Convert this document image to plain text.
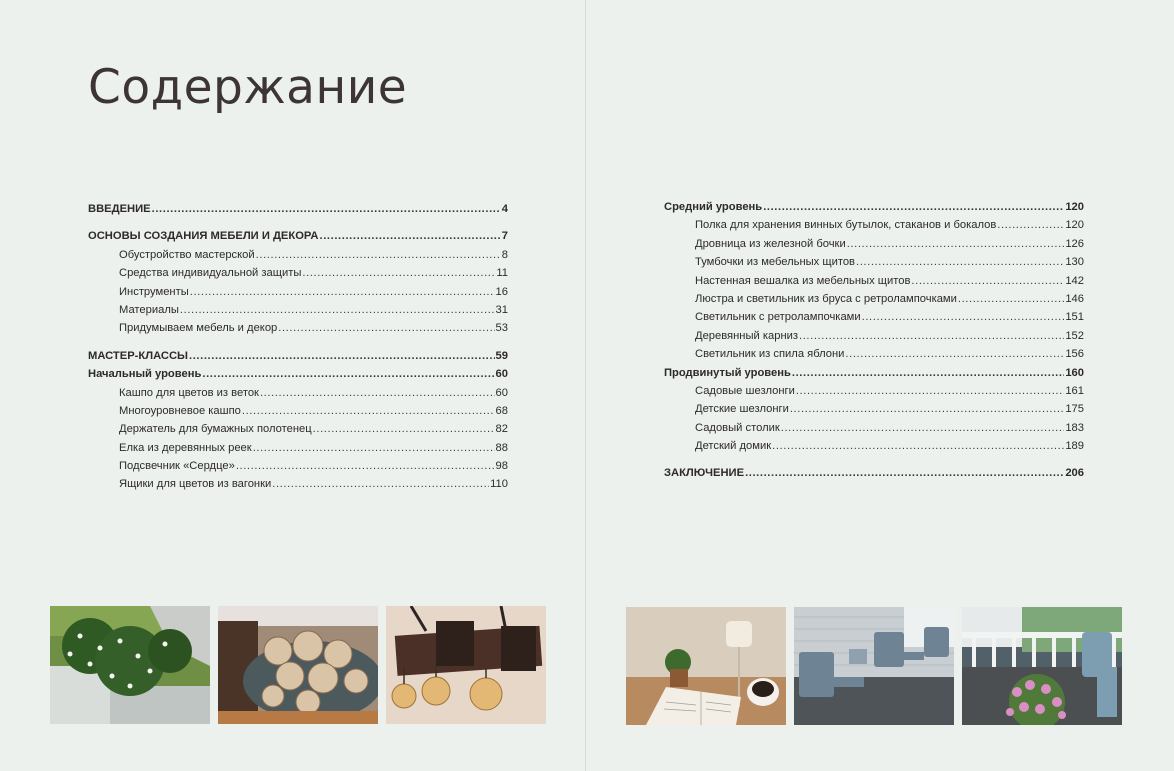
Содержание
ВВЕДЕНИЕ .....	4
ОСНОВЫ СОЗДАНИЯ МЕБЕЛИ И ДЕКОРА .....	7
Обустройство мастерской .....	8
Средства индивидуальной защиты .....	11
Инструменты .....	16
Материалы .....	31
Придумываем мебель и декор .....	53
МАСТЕР-КЛАССЫ .....	59
Начальный уровень .....	60
Кашпо для цветов из веток .....	60
Многоуровневое кашпо .....	68
Держатель для бумажных полотенец .....	82
Елка из деревянных реек .....	88
Подсвечник «Сердце» .....	98
Ящики для цветов из вагонки .....	110
Средний уровень .....	120
Полка для хранения винных бутылок, стаканов и бокалов .....	120
Дровница из железной бочки .....	126
Тумбочки из мебельных щитов .....	130
Настенная вешалка из мебельных щитов .....	142
Люстра и светильник из бруса с ретролампочками .....	146
Светильник с ретролампочками .....	151
Деревянный карниз .....	152
Светильник из спила яблони .....	156
Продвинутый уровень .....	160
Садовые шезлонги .....	161
Детские шезлонги .....	175
Садовый столик .....	183
Детский домик .....	189
ЗАКЛЮЧЕНИЕ .....	206
